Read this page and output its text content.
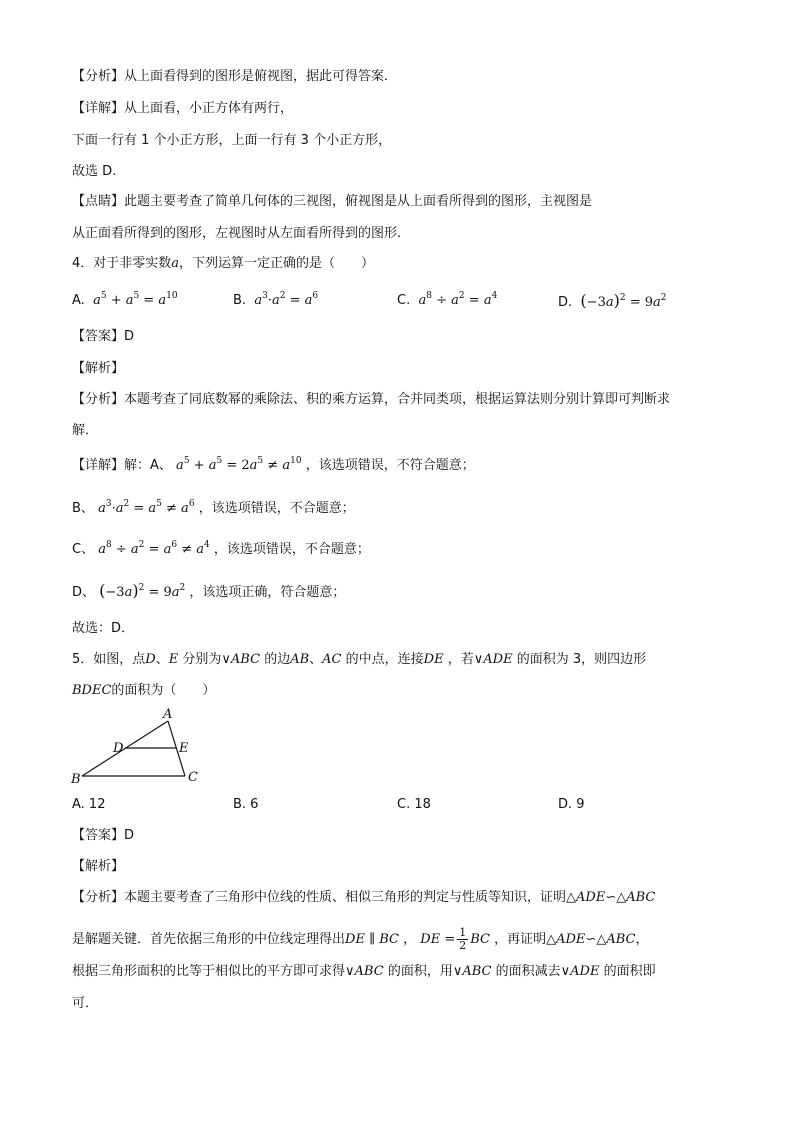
【分析】从上面看得到的图形是俯视图，据此可得答案．
【详解】从上面看，小正方体有两行，
下面一行有 1 个小正方形，上面一行有 3 个小正方形，
故选 D.
【点睛】此题主要考查了简单几何体的三视图，俯视图是从上面看所得到的图形，主视图是
从正面看所得到的图形，左视图时从左面看所得到的图形.
4．对于非零实数a，下列运算一定正确的是（　　）
A. $a^5 + a^5 = a^{10}$	B. $a^3\cdot a^2 = a^6$	C. $a^8 \div a^2 = a^4$	D. $(-3a)^2 = 9a^2$
【答案】D
【解析】
【分析】本题考查了同底数幂的乘除法、积的乘方运算，合并同类项，根据运算法则分别计算即可判断求
解．
【详解】解：A、 $a^5 + a^5 = 2a^5 \ne a^{10}$ ，该选项错误，不符合题意；
B、 $a^3\cdot a^2 = a^5 \ne a^6$ ，该选项错误，不合题意；
C、 $a^8 \div a^2 = a^6 \ne a^4$ ，该选项错误，不合题意；
D、 $(-3a)^2 = 9a^2$ ，该选项正确，符合题意；
故选：D．
5．如图，点D、E 分别为∨ABC 的边AB、AC 的中点，连接DE ，若∨ADE 的面积为 3，则四边形
BDEC的面积为（　　）
A
D	E
B	C
A. 12	B. 6	C. 18	D. 9
【答案】D
【解析】
【分析】本题主要考查了三角形中位线的性质、相似三角形的判定与性质等知识，证明△ADE∽△ABC
是解题关键．首先依据三角形的中位线定理得出DE ∥ BC ， DE = $\frac{1}{2}$ BC ，再证明△ADE∽△ABC，
根据三角形面积的比等于相似比的平方即可求得∨ABC 的面积，用∨ABC 的面积减去∨ADE 的面积即
可．
